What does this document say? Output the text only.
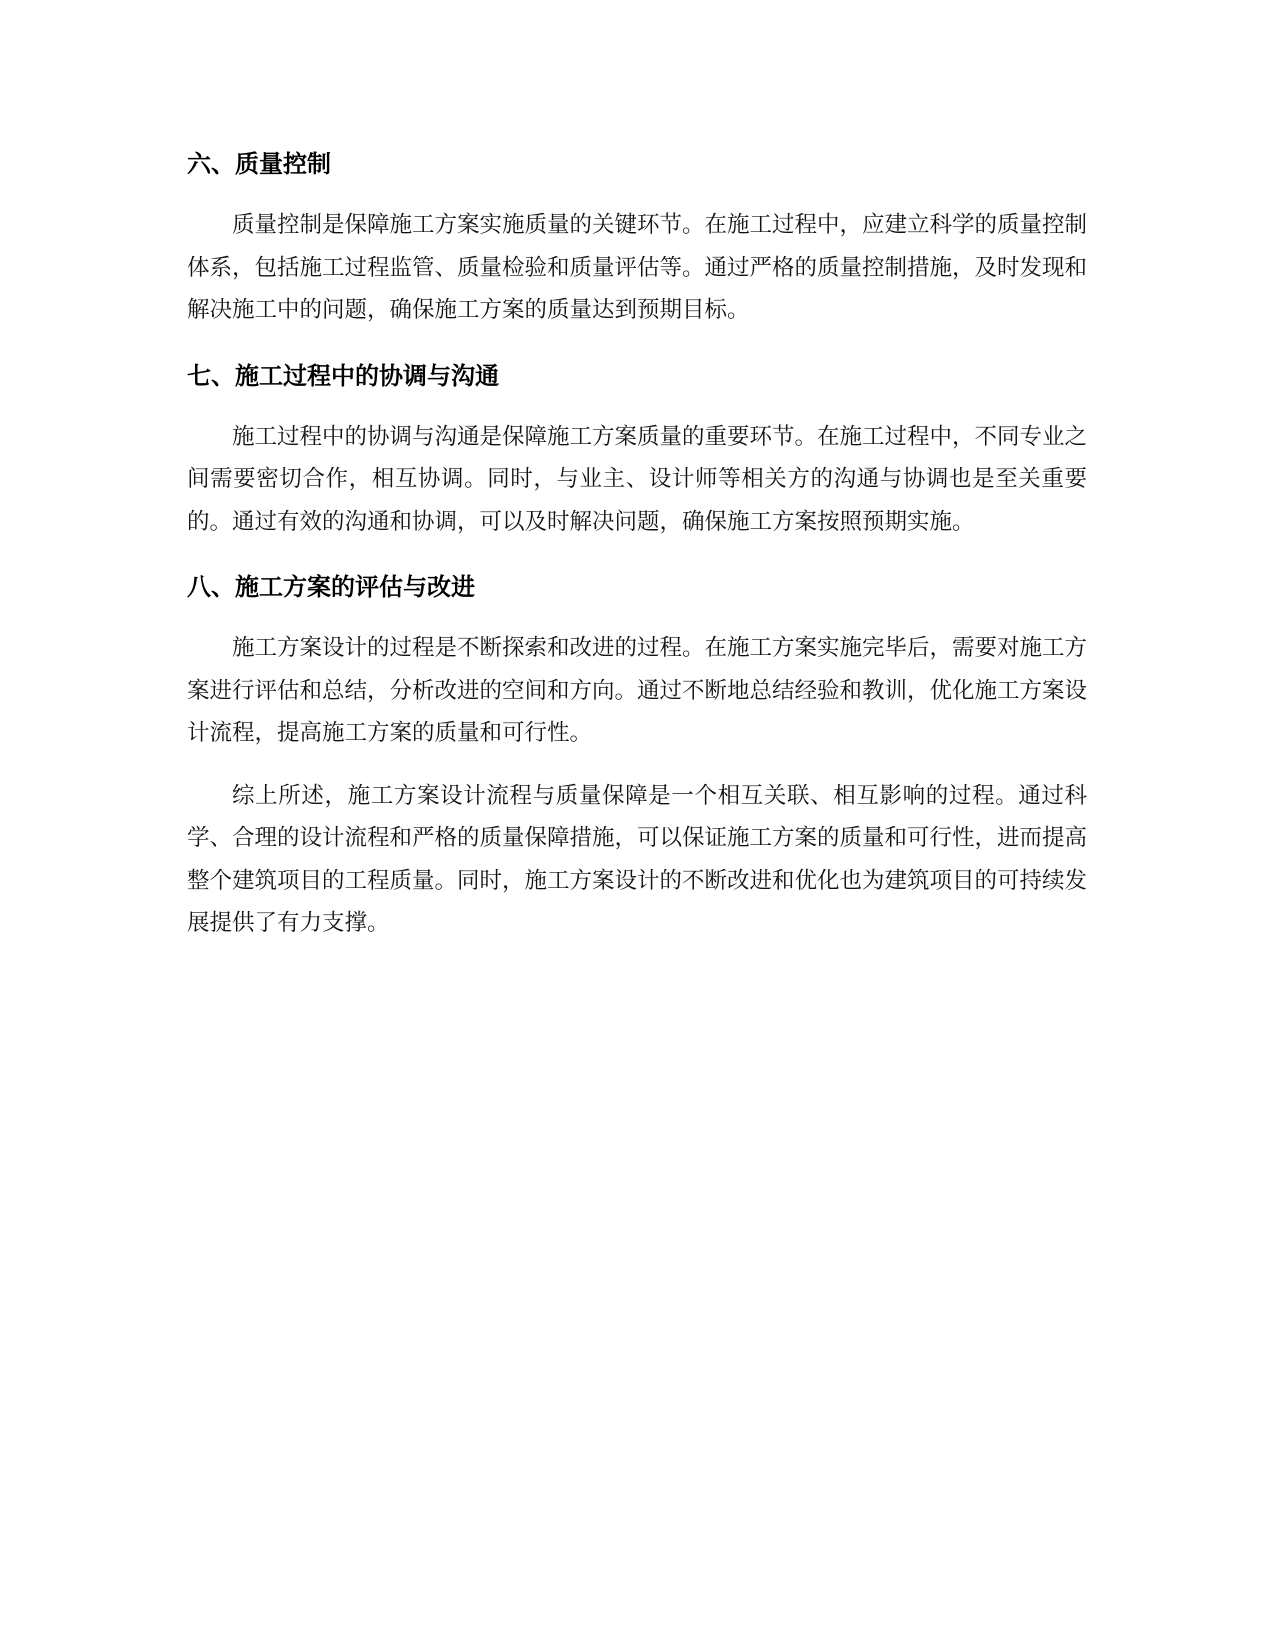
六、质量控制

质量控制是保障施工方案实施质量的关键环节。在施工过程中，应建立科学的质量控制体系，包括施工过程监管、质量检验和质量评估等。通过严格的质量控制措施，及时发现和解决施工中的问题，确保施工方案的质量达到预期目标。

七、施工过程中的协调与沟通

施工过程中的协调与沟通是保障施工方案质量的重要环节。在施工过程中，不同专业之间需要密切合作，相互协调。同时，与业主、设计师等相关方的沟通与协调也是至关重要的。通过有效的沟通和协调，可以及时解决问题，确保施工方案按照预期实施。

八、施工方案的评估与改进

施工方案设计的过程是不断探索和改进的过程。在施工方案实施完毕后，需要对施工方案进行评估和总结，分析改进的空间和方向。通过不断地总结经验和教训，优化施工方案设计流程，提高施工方案的质量和可行性。

综上所述，施工方案设计流程与质量保障是一个相互关联、相互影响的过程。通过科学、合理的设计流程和严格的质量保障措施，可以保证施工方案的质量和可行性，进而提高整个建筑项目的工程质量。同时，施工方案设计的不断改进和优化也为建筑项目的可持续发展提供了有力支撑。
